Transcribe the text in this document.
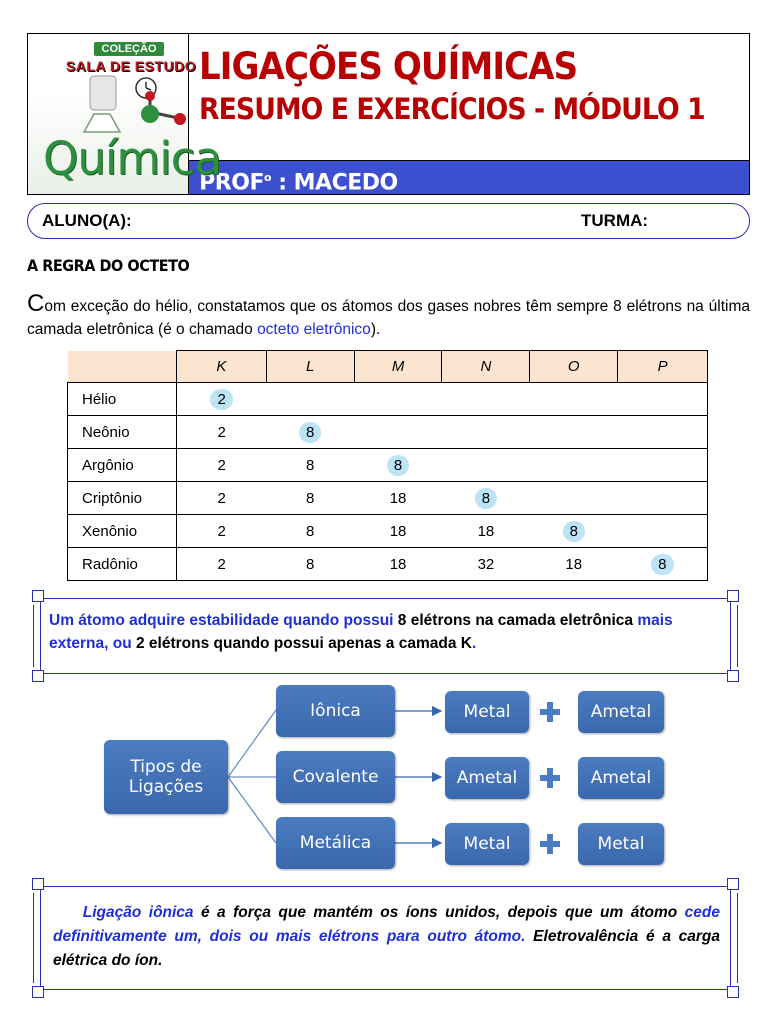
COLEÇÃO
SALA DE ESTUDO
Química
LIGAÇÕES QUÍMICAS
RESUMO E EXERCÍCIOS - MÓDULO 1
PROF$^o$ : MACEDO
ALUNO(A):	TURMA:
A REGRA DO OCTETO
Com exceção do hélio, constatamos que os átomos dos gases nobres têm sempre 8 elétrons na última camada eletrônica (é o chamado octeto eletrônico).
	K	L	M	N	O	P
Hélio	2					
Neônio	2	8				
Argônio	2	8	8			
Criptônio	2	8	18	8		
Xenônio	2	8	18	18	8	
Radônio	2	8	18	32	18	8
Um átomo adquire estabilidade quando possui 8 elétrons na camada eletrônica mais externa, ou 2 elétrons quando possui apenas a camada K.
Tipos de
Ligações
Iônica
Covalente
Metálica
Metal
Ametal
Metal
Ametal
Ametal
Metal
Ligação iônica é a força que mantém os íons unidos, depois que um átomo cede definitivamente um, dois ou mais elétrons para outro átomo. Eletrovalência é a carga elétrica do íon.
